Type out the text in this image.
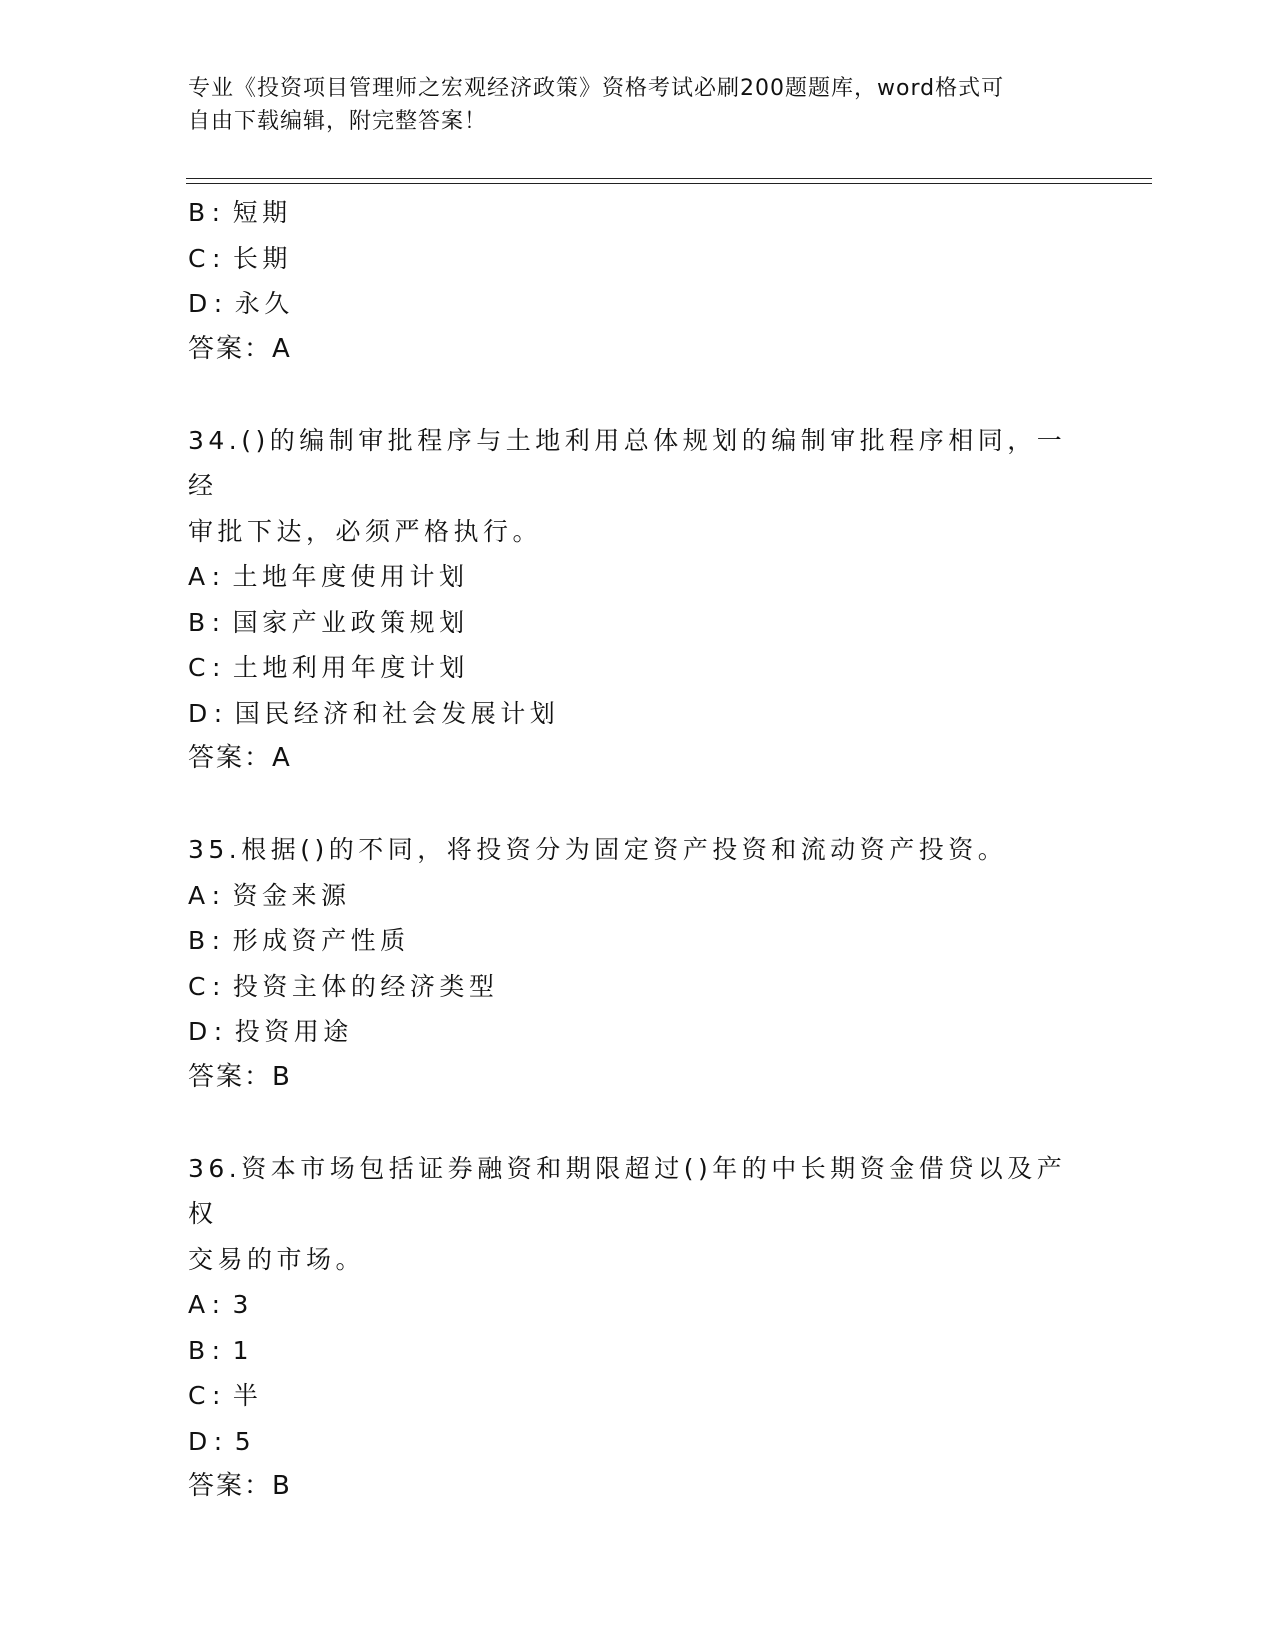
专业《投资项目管理师之宏观经济政策》资格考试必刷200题题库，word格式可
自由下载编辑，附完整答案！
B: 短期
C: 长期
D: 永久
答案：A
34.()的编制审批程序与土地利用总体规划的编制审批程序相同，一经
审批下达，必须严格执行。
A: 土地年度使用计划
B: 国家产业政策规划
C: 土地利用年度计划
D: 国民经济和社会发展计划
答案：A
35.根据()的不同，将投资分为固定资产投资和流动资产投资。
A: 资金来源
B: 形成资产性质
C: 投资主体的经济类型
D: 投资用途
答案：B
36.资本市场包括证券融资和期限超过()年的中长期资金借贷以及产权
交易的市场。
A: 3
B: 1
C: 半
D: 5
答案：B
